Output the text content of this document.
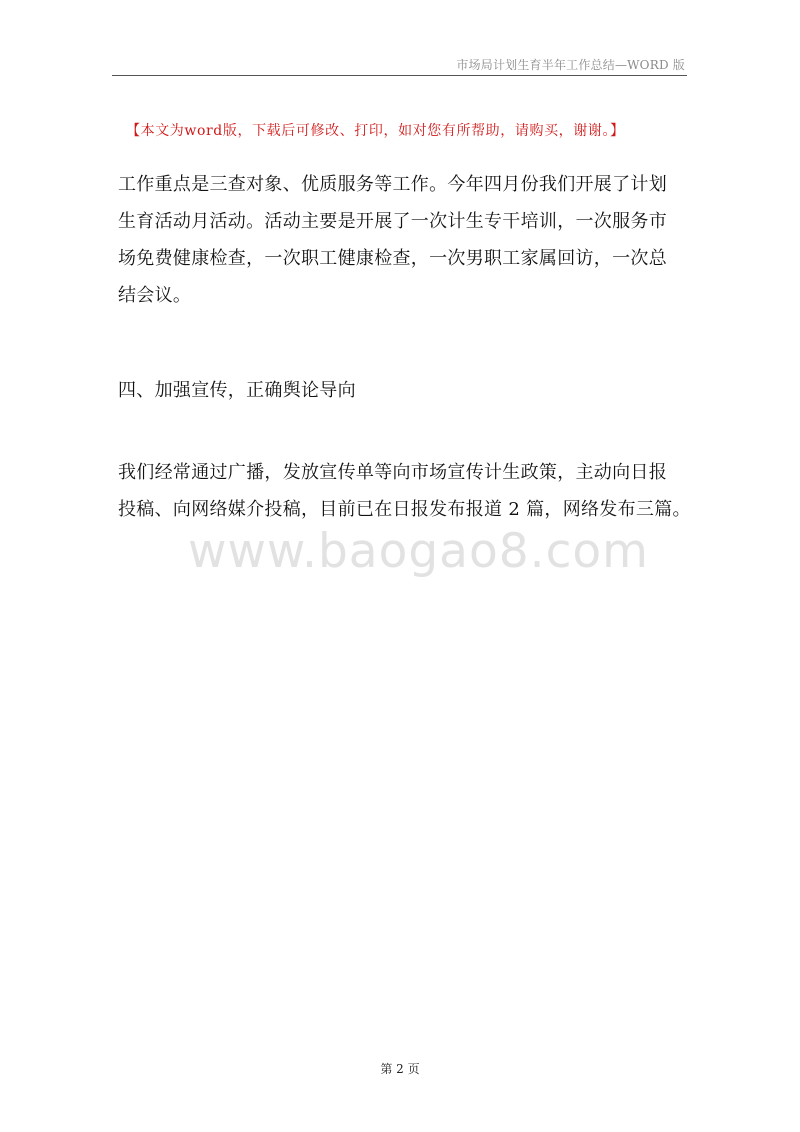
市场局计划生育半年工作总结—WORD 版
【本文为word版，下载后可修改、打印，如对您有所帮助，请购买，谢谢。】

工作重点是三查对象、优质服务等工作。今年四月份我们开展了计划
生育活动月活动。活动主要是开展了一次计生专干培训，一次服务市
场免费健康检查，一次职工健康检查，一次男职工家属回访，一次总
结会议。

四、加强宣传，正确舆论导向

我们经常通过广播，发放宣传单等向市场宣传计生政策，主动向日报
投稿、向网络媒介投稿，目前已在日报发布报道 2 篇，网络发布三篇。

www.baogao8.com
第 2 页
